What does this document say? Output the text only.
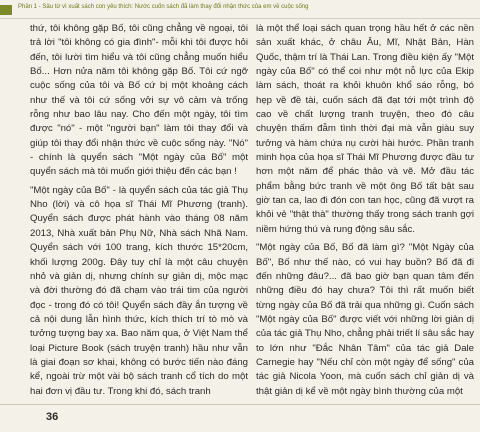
Phần 1 - Sâu từ vì xuất sách con yêu thích: Nước cuốn sách đã làm thay đổi nhận thức của em về cuộc sống

thứ, tôi không gặp Bố, tôi cũng chẳng về ngoại, tôi trả lời "tôi không có gia đình"- mỗi khi tôi được hỏi đến, tôi lười tìm hiểu và tôi cũng chẳng muốn hiểu Bố... Hơn nửa năm tôi không gặp Bố. Tôi cứ ngỡ cuộc sống của tôi và Bố cứ bị một khoảng cách như thế và tôi cứ sống vởi sự vô cảm và trống rỗng như bao lâu nay. Cho đến một ngày, tôi tìm được "nó" - một "người bạn" làm tôi thay đổi và giúp tôi thay đổi nhận thức về cuộc sống này. "Nó" - chính là quyển sách "Một ngày của Bố" một quyển sách mà tôi muốn giới thiệu đến các bạn !

"Một ngày của Bố" - là quyển sách của tác giả Thụ Nho (lời) và cô họa sĩ Thái Mĩ Phương (tranh). Quyển sách được phát hành vào tháng 08 năm 2013, Nhà xuất bản Phụ Nữ, Nhà sách Nhã Nam. Quyển sách với 100 trang, kích thước 15*20cm, khối lượng 200g. Đây tuy chỉ là một câu chuyện nhỏ và giản dị, nhưng chính sự giản dị, mộc mạc và đời thường đó đã chạm vào trái tim của người đọc - trong đó có tôi! Quyển sách đầy ắn tượng về cả nội dung lẫn hình thức, kích thích trí tò mò và tưởng tượng bay xa. Bao năm qua, ở Việt Nam thể loại Picture Book (sách truyện tranh) hầu như vẫn là giai đoạn sơ khai, không có bước tiến nào đáng kể, ngoài trừ một vài bộ sách tranh cổ tích do một hai đơn vị đầu tư. Trong khi đó, sách tranh

là một thể loại sách quan trọng hầu hết ở các nền sản xuất khác, ở châu Âu, Mĩ, Nhật Bản, Hàn Quốc, thậm trí là Thái Lan. Trong điều kiện ấy "Một ngày của Bố" có thể coi như một nỗ lực của Ekip làm sách, thoát ra khỏi khuôn khổ sáo rỗng, bó hẹp về đề tài, cuốn sách đã đạt tới một trình độ cao về chất lượng tranh truyện, theo đó câu chuyện thấm đẫm tình thời đại mà vẫn giàu suy tưởng và hàm chứa nụ cười hài hước. Phần tranh minh họa của họa sĩ Thái Mĩ Phương được đầu tư hơn một năm để phác thảo và vẽ. Mở đầu tác phẩm bằng bức tranh về một ông Bố tất bật sau giờ tan ca, lao đi đón con tan học, cũng đã vượt ra khỏi vẻ "thật thà" thường thấy trong sách tranh gợi niềm hứng thú và rung động sâu sắc.

"Một ngày của Bố, Bố đã làm gì? "Một Ngày của Bố", Bố như thế nào, có vui hay buồn? Bố đã đi đến những đâu?... đã bao giờ bạn quan tâm đến những điều đó hay chưa? Tôi thì rất muốn biết từng ngày của Bố đã trải qua những gì. Cuốn sách "Một ngày của Bố" được viết với những lời giản dị của tác giả Thụ Nho, chẳng phải triết lí sâu sắc hay to lớn như "Đắc Nhân Tâm" của tác giả Dale Carnegie hay "Nếu chỉ còn một ngày để sống" của tác giả Nicola Yoon, mà cuốn sách chỉ giản dị và thật giản dị kể về một ngày bình thường của một

36
